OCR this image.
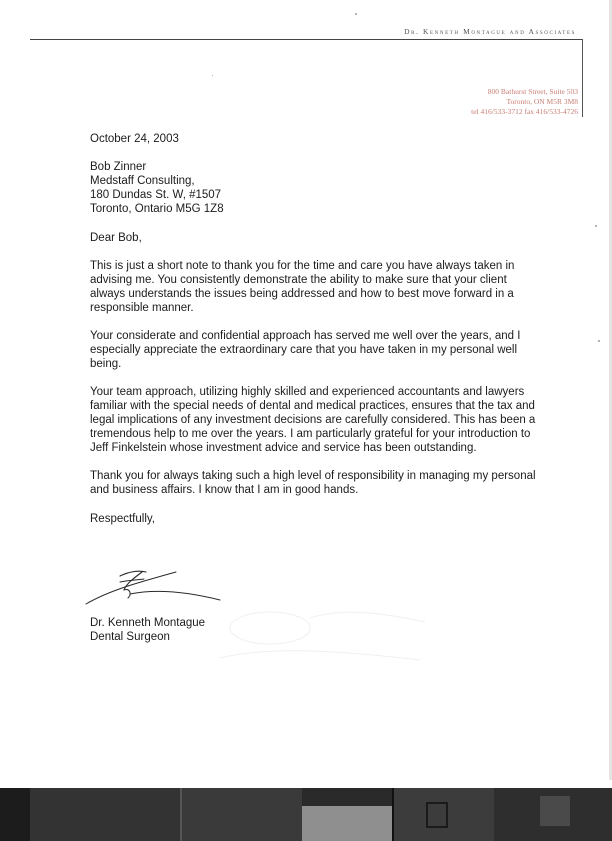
Dr. Kenneth Montague and Associates
800 Bathurst Street, Suite 503
Toronto, ON M5R 3M8
tel 416/533-3712 fax 416/533-4726

October 24, 2003

Bob Zinner
Medstaff Consulting,
180 Dundas St. W, #1507
Toronto, Ontario M5G 1Z8

Dear Bob,

This is just a short note to thank you for the time and care you have always taken in advising me. You consistently demonstrate the ability to make sure that your client always understands the issues being addressed and how to best move forward in a responsible manner.

Your considerate and confidential approach has served me well over the years, and I especially appreciate the extraordinary care that you have taken in my personal well being.

Your team approach, utilizing highly skilled and experienced accountants and lawyers familiar with the special needs of dental and medical practices, ensures that the tax and legal implications of any investment decisions are carefully considered. This has been a tremendous help to me over the years. I am particularly grateful for your introduction to Jeff Finkelstein whose investment advice and service has been outstanding.

Thank you for always taking such a high level of responsibility in managing my personal and business affairs. I know that I am in good hands.

Respectfully,

Dr. Kenneth Montague
Dental Surgeon
